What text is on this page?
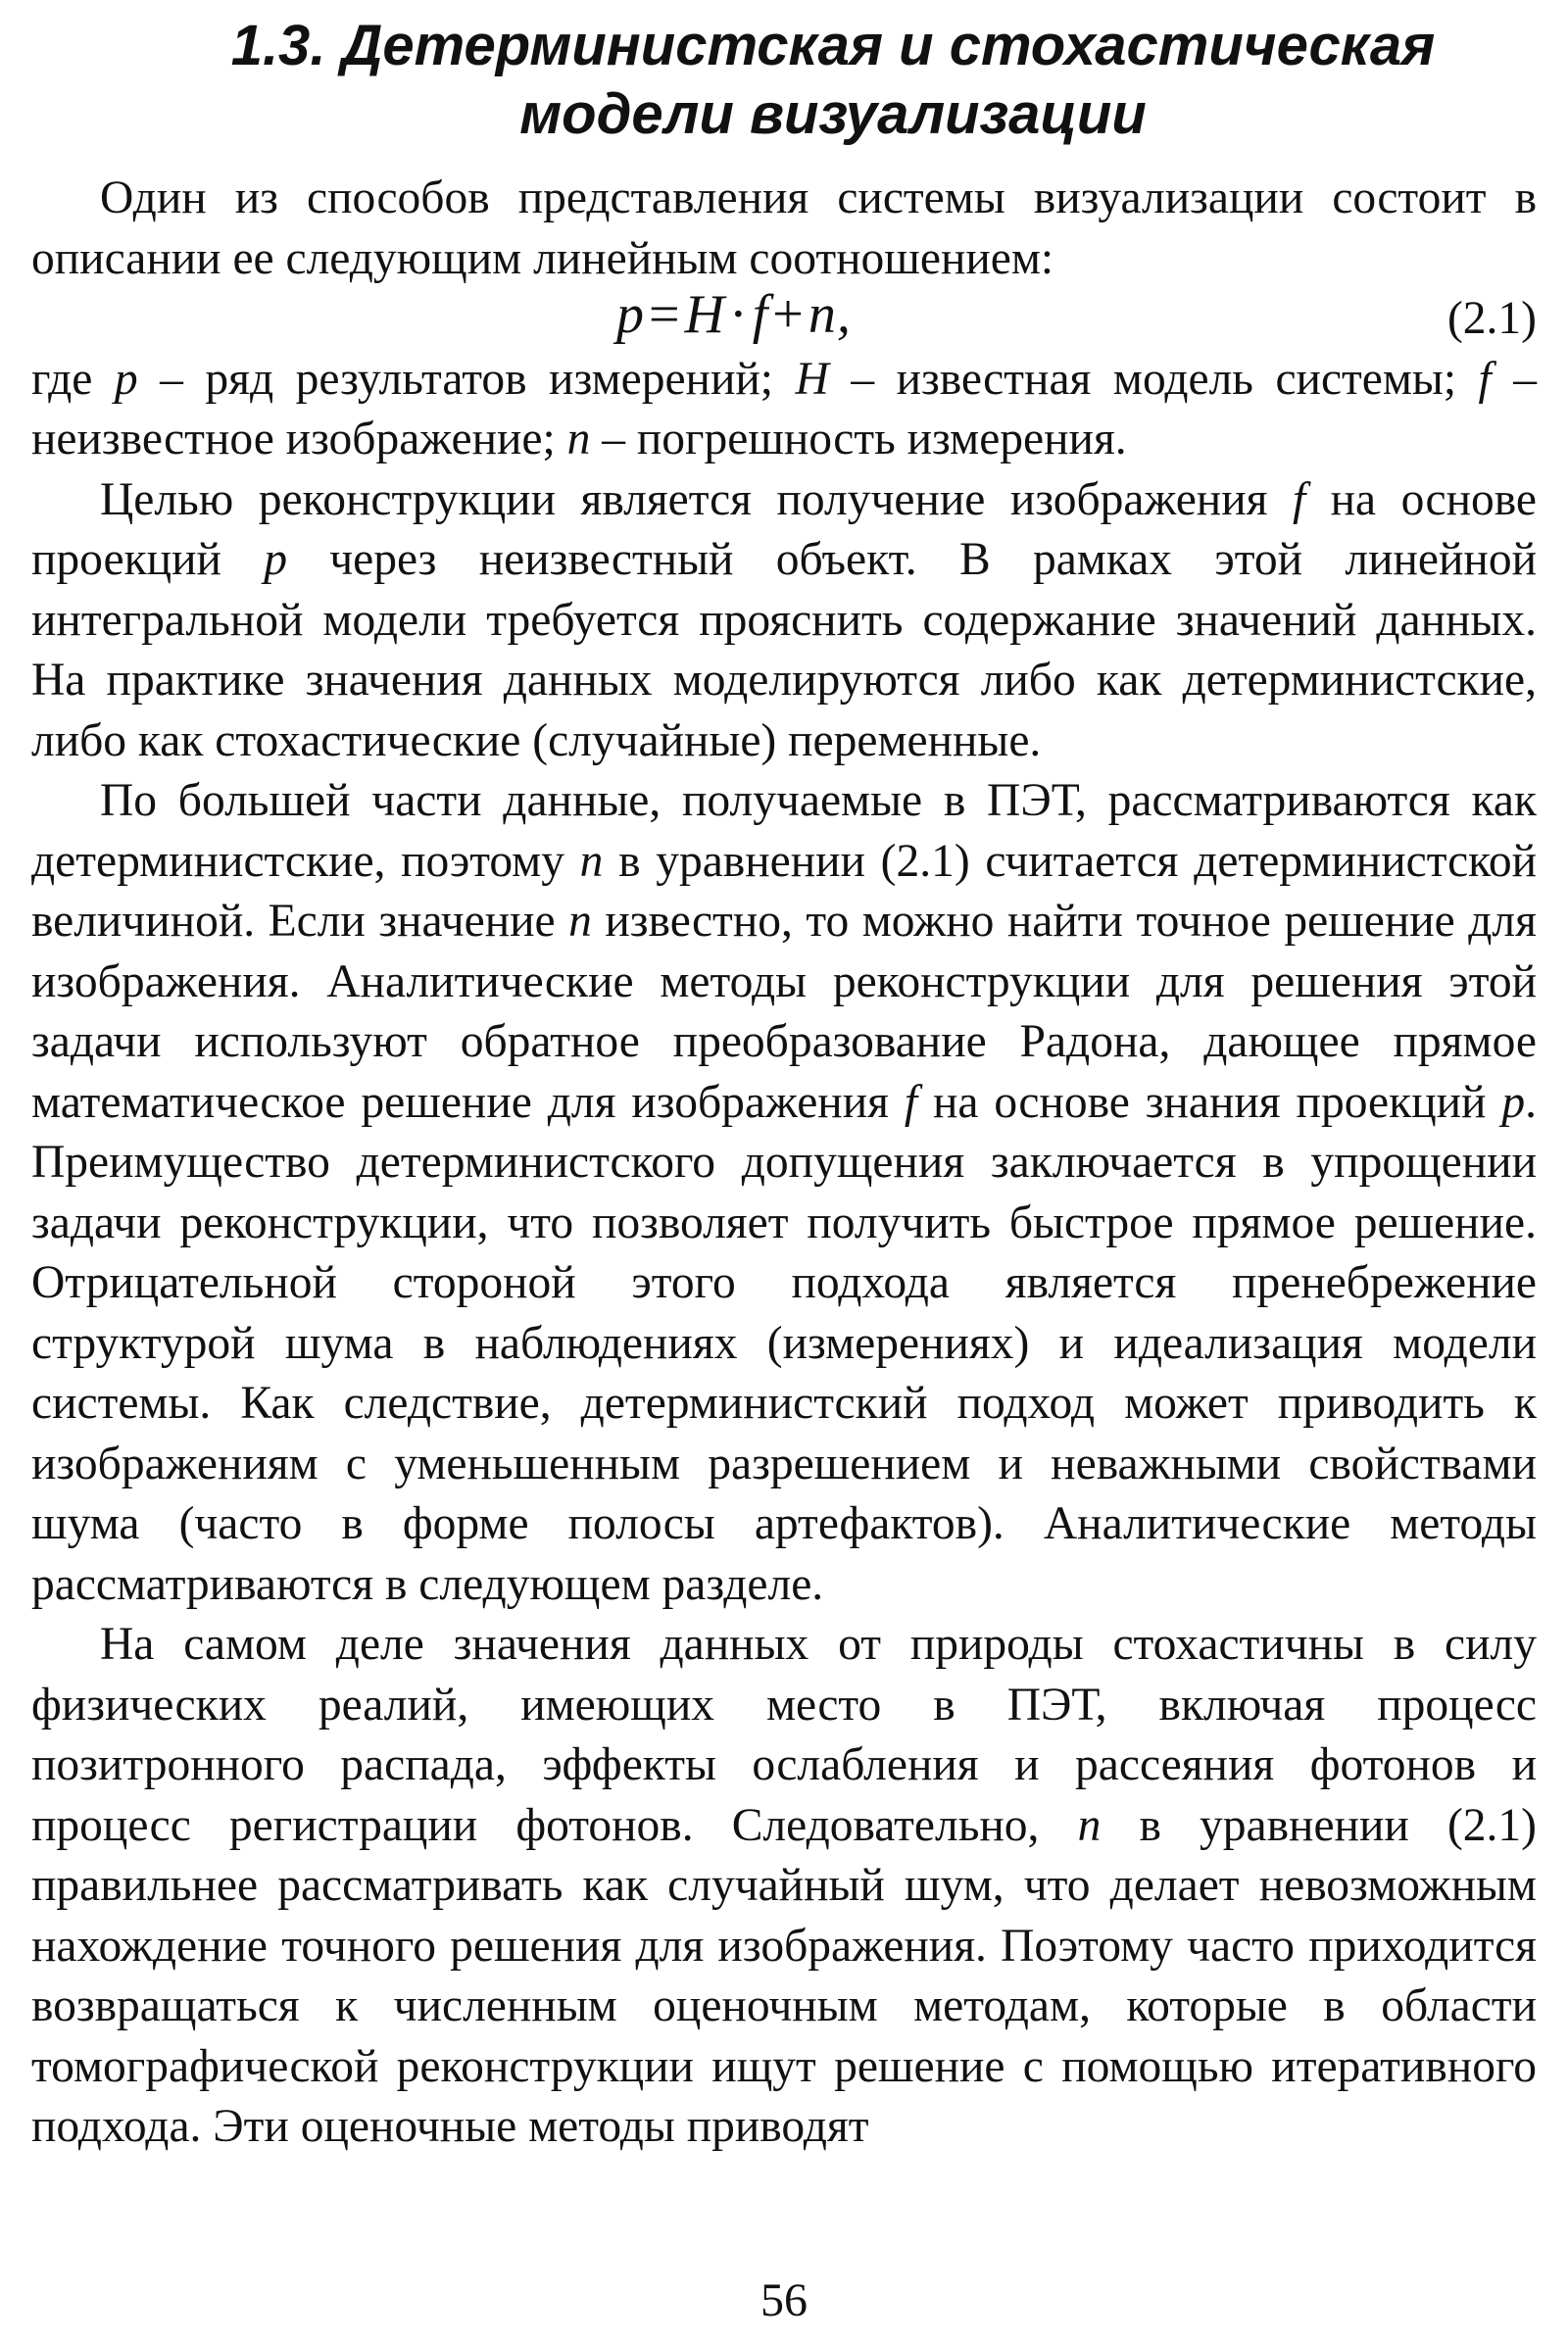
1.3. Детерминистская и стохастическая
модели визуализации

Один из способов представления системы визуализации состоит в описании ее следующим линейным соотношением:

p=H·f+n,	(2.1)

где p – ряд результатов измерений; H – известная модель системы; f – неизвестное изображение; n – погрешность измерения.

Целью реконструкции является получение изображения f на основе проекций p через неизвестный объект. В рамках этой линейной интегральной модели требуется прояснить содержание значений данных. На практике значения данных моделируются либо как детерминистские, либо как стохастические (случайные) переменные.

По большей части данные, получаемые в ПЭТ, рассматриваются как детерминистские, поэтому n в уравнении (2.1) считается детерминистской величиной. Если значение n известно, то можно найти точное решение для изображения. Аналитические методы реконструкции для решения этой задачи используют обратное преобразование Радона, дающее прямое математическое решение для изображения f на основе знания проекций p. Преимущество детерминистского допущения заключается в упрощении задачи реконструкции, что позволяет получить быстрое прямое решение. Отрицательной стороной этого подхода является пренебрежение структурой шума в наблюдениях (измерениях) и идеализация модели системы. Как следствие, детерминистский подход может приводить к изображениям с уменьшенным разрешением и неважными свойствами шума (часто в форме полосы артефактов). Аналитические методы рассматриваются в следующем разделе.

На самом деле значения данных от природы стохастичны в силу физических реалий, имеющих место в ПЭТ, включая процесс позитронного распада, эффекты ослабления и рассеяния фотонов и процесс регистрации фотонов. Следовательно, n в уравнении (2.1) правильнее рассматривать как случайный шум, что делает невозможным нахождение точного решения для изображения. Поэтому часто приходится возвращаться к численным оценочным методам, которые в области томографической реконструкции ищут решение с помощью итеративного подхода. Эти оценочные методы приводят

56
